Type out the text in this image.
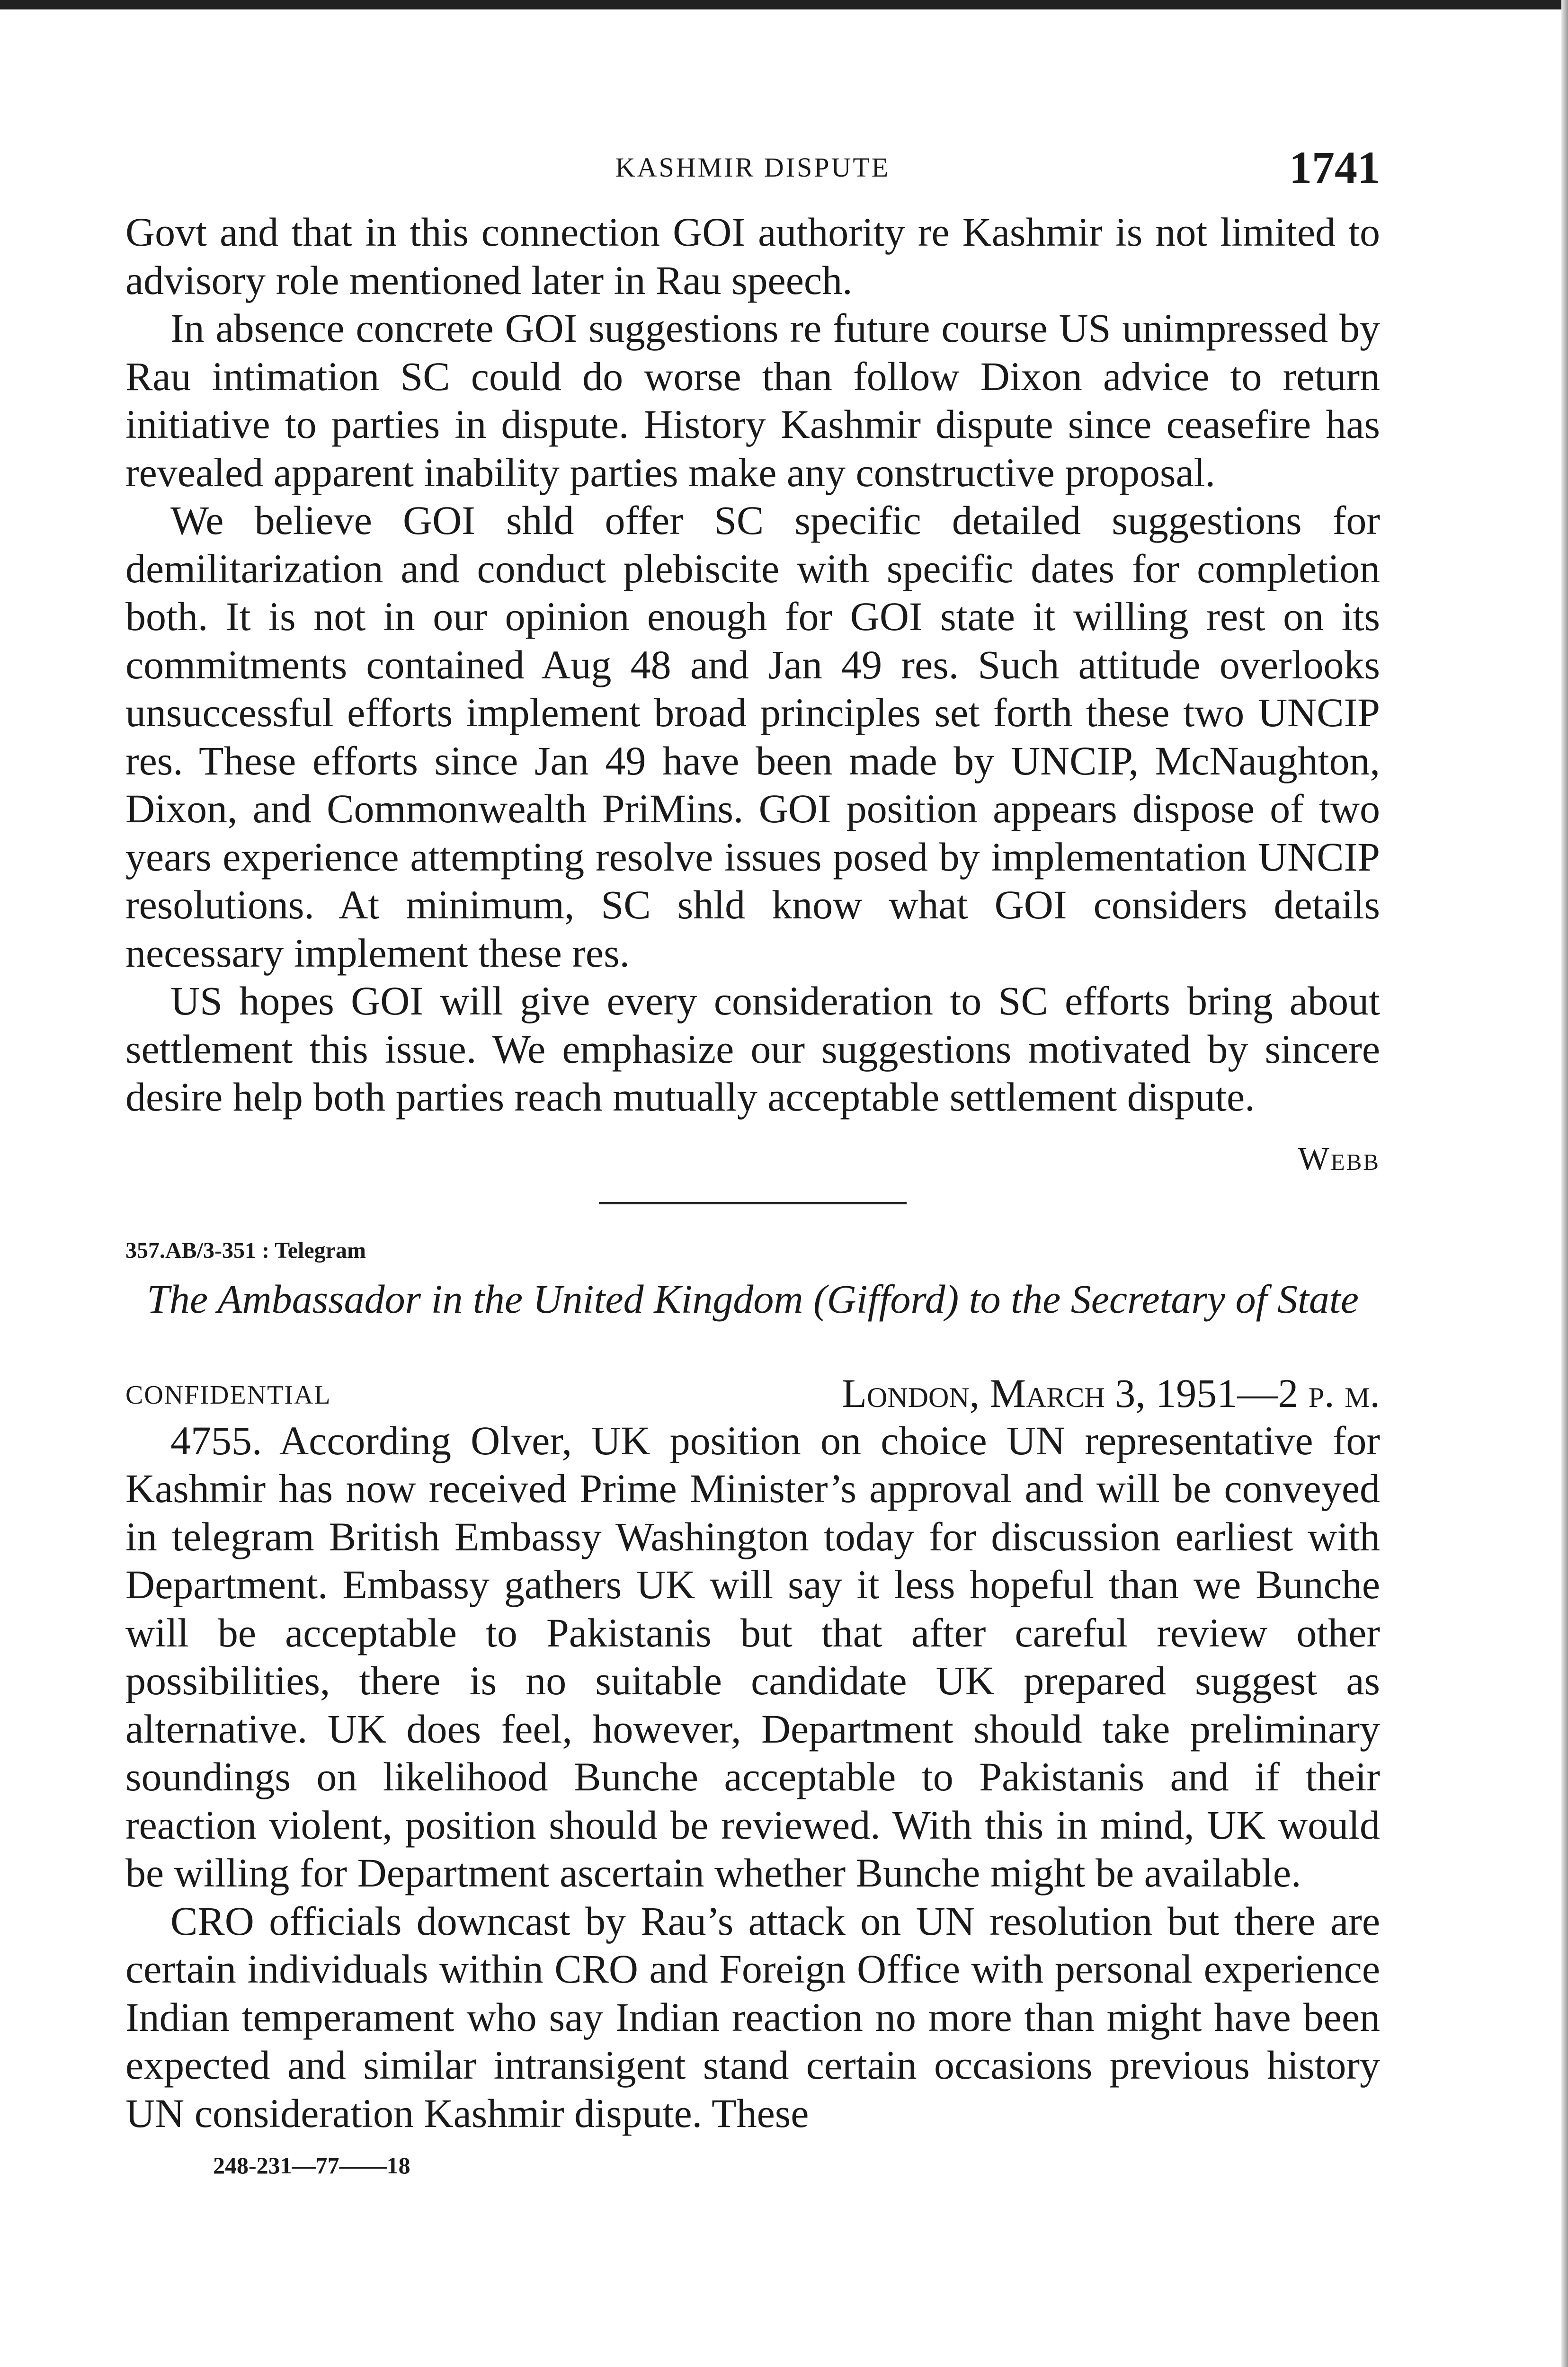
KASHMIR DISPUTE	1741

Govt and that in this connection GOI authority re Kashmir is not limited to advisory role mentioned later in Rau speech.

In absence concrete GOI suggestions re future course US unimpressed by Rau intimation SC could do worse than follow Dixon advice to return initiative to parties in dispute. History Kashmir dispute since ceasefire has revealed apparent inability parties make any constructive proposal.

We believe GOI shld offer SC specific detailed suggestions for demilitarization and conduct plebiscite with specific dates for completion both. It is not in our opinion enough for GOI state it willing rest on its commitments contained Aug 48 and Jan 49 res. Such attitude overlooks unsuccessful efforts implement broad principles set forth these two UNCIP res. These efforts since Jan 49 have been made by UNCIP, McNaughton, Dixon, and Commonwealth PriMins. GOI position appears dispose of two years experience attempting resolve issues posed by implementation UNCIP resolutions. At minimum, SC shld know what GOI considers details necessary implement these res.

US hopes GOI will give every consideration to SC efforts bring about settlement this issue. We emphasize our suggestions motivated by sincere desire help both parties reach mutually acceptable settlement dispute.

Webb
357.AB/3-351 : Telegram
The Ambassador in the United Kingdom (Gifford) to the Secretary of State
CONFIDENTIAL	London, March 3, 1951—2 p. m.

4755. According Olver, UK position on choice UN representative for Kashmir has now received Prime Minister’s approval and will be conveyed in telegram British Embassy Washington today for discussion earliest with Department. Embassy gathers UK will say it less hopeful than we Bunche will be acceptable to Pakistanis but that after careful review other possibilities, there is no suitable candidate UK prepared suggest as alternative. UK does feel, however, Department should take preliminary soundings on likelihood Bunche acceptable to Pakistanis and if their reaction violent, position should be reviewed. With this in mind, UK would be willing for Department ascertain whether Bunche might be available.

CRO officials downcast by Rau’s attack on UN resolution but there are certain individuals within CRO and Foreign Office with personal experience Indian temperament who say Indian reaction no more than might have been expected and similar intransigent stand certain occasions previous history UN consideration Kashmir dispute. These

248-231—77——18
